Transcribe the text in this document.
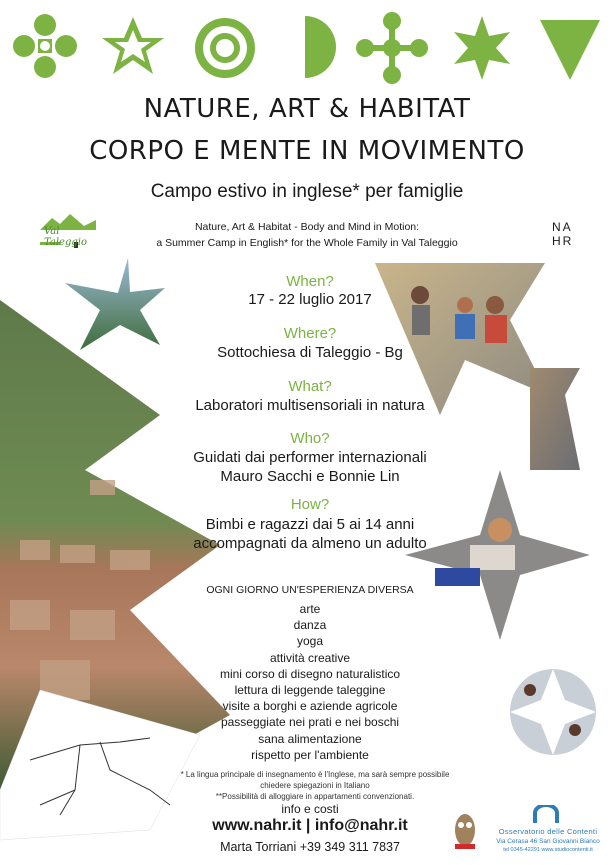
NATURE, ART & HABITAT
CORPO E MENTE IN MOVIMENTO
Campo estivo in inglese* per famiglie
Val Taleggio
Nature, Art & Habitat - Body and Mind in Motion:
a Summer Camp in English* for the Whole Family in Val Taleggio
NA
HR
When?
17 - 22 luglio 2017
Where?
Sottochiesa di Taleggio - Bg
What?
Laboratori multisensoriali in natura
Who?
Guidati dai performer internazionali
Mauro Sacchi e Bonnie Lin
How?
Bimbi e ragazzi dai 5 ai 14 anni
accompagnati da almeno un adulto
OGNI GIORNO UN'ESPERIENZA DIVERSA
arte
danza
yoga
attività creative
mini corso di disegno naturalistico
lettura di leggende taleggine
visite a borghi e aziende agricole
passeggiate nei prati e nei boschi
sana alimentazione
rispetto per l'ambiente
* La lingua principale di insegnamento è l'Inglese, ma sarà sempre possibile
chiedere spiegazioni in Italiano
**Possibilità di alloggiare in appartamenti convenzionati.
info e costi
www.nahr.it | info@nahr.it
Marta Torriani +39 349 311 7837
Osservatorio delle Contenti
Via Cerasa 46 San Giovanni Bianco
tel 0345-42291 www.studiocontenti.it
